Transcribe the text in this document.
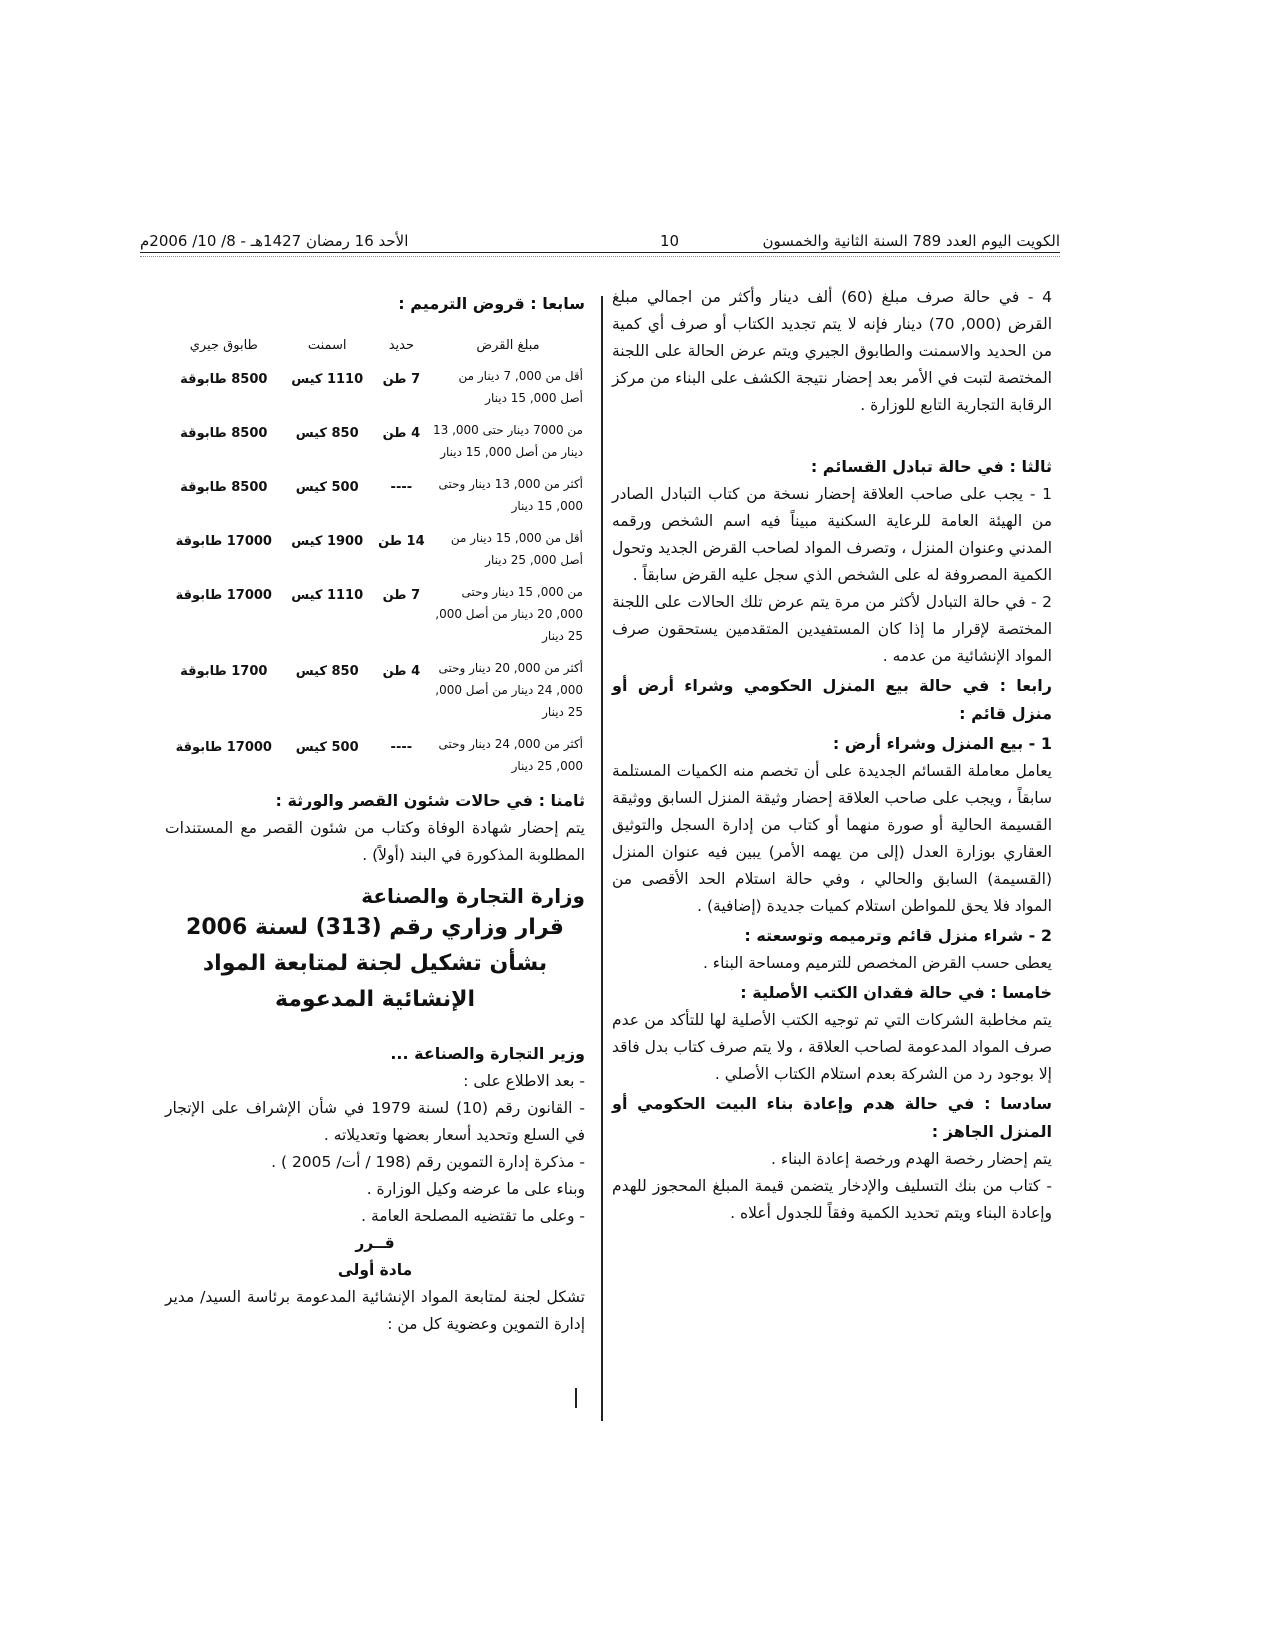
الكويت اليوم العدد 789 السنة الثانية والخمسون
10
الأحد 16 رمضان 1427هـ - 8/ 10/ 2006م

4 - في حالة صرف مبلغ (60) ألف دينار وأكثر من اجمالي مبلغ القرض (000, 70) دينار فإنه لا يتم تجديد الكتاب أو صرف أي كمية من الحديد والاسمنت والطابوق الجيري ويتم عرض الحالة على اللجنة المختصة لتبت في الأمر بعد إحضار نتيجة الكشف على البناء من مركز الرقابة التجارية التابع للوزارة .

ثالثا : في حالة تبادل القسائم :

1 - يجب على صاحب العلاقة إحضار نسخة من كتاب التبادل الصادر من الهيئة العامة للرعاية السكنية مبيناً فيه اسم الشخص ورقمه المدني وعنوان المنزل ، وتصرف المواد لصاحب القرض الجديد وتحول الكمية المصروفة له على الشخص الذي سجل عليه القرض سابقاً .

2 - في حالة التبادل لأكثر من مرة يتم عرض تلك الحالات على اللجنة المختصة لإقرار ما إذا كان المستفيدين المتقدمين يستحقون صرف المواد الإنشائية من عدمه .

رابعا : في حالة بيع المنزل الحكومي وشراء أرض أو منزل قائم :

1 - بيع المنزل وشراء أرض :

يعامل معاملة القسائم الجديدة على أن تخصم منه الكميات المستلمة سابقاً ، ويجب على صاحب العلاقة إحضار وثيقة المنزل السابق ووثيقة القسيمة الحالية أو صورة منهما أو كتاب من إدارة السجل والتوثيق العقاري بوزارة العدل (إلى من يهمه الأمر) يبين فيه عنوان المنزل (القسيمة) السابق والحالي ، وفي حالة استلام الحد الأقصى من المواد فلا يحق للمواطن استلام كميات جديدة (إضافية) .

2 - شراء منزل قائم وترميمه وتوسعته :

يعطى حسب القرض المخصص للترميم ومساحة البناء .

خامسا : في حالة فقدان الكتب الأصلية :

يتم مخاطبة الشركات التي تم توجيه الكتب الأصلية لها للتأكد من عدم صرف المواد المدعومة لصاحب العلاقة ، ولا يتم صرف كتاب بدل فاقد إلا بوجود رد من الشركة بعدم استلام الكتاب الأصلي .

سادسا : في حالة هدم وإعادة بناء البيت الحكومي أو المنزل الجاهز :

يتم إحضار رخصة الهدم ورخصة إعادة البناء .

- كتاب من بنك التسليف والإدخار يتضمن قيمة المبلغ المحجوز للهدم وإعادة البناء ويتم تحديد الكمية وفقاً للجدول أعلاه .

سابعا : قروض الترميم :

مبلغ القرض	حديد	اسمنت	طابوق جيري
أقل من 000, 7 دينار من أصل 000, 15 دينار	7 طن	1110 كيس	8500 طابوقة
من 7000 دينار حتى 000, 13 دينار من أصل 000, 15 دينار	4 طن	850 كيس	8500 طابوقة
أكثر من 000, 13 دينار وحتى 000, 15 دينار	----	500 كيس	8500 طابوقة
أقل من 000, 15 دينار من أصل 000, 25 دينار	14 طن	1900 كيس	17000 طابوقة
من 000, 15 دينار وحتى 000, 20 دينار من أصل 000, 25 دينار	7 طن	1110 كيس	17000 طابوقة
أكثر من 000, 20 دينار وحتى 000, 24 دينار من أصل 000, 25 دينار	4 طن	850 كيس	1700 طابوقة
أكثر من 000, 24 دينار وحتى 000, 25 دينار	----	500 كيس	17000 طابوقة

ثامنا : في حالات شئون القصر والورثة :

يتم إحضار شهادة الوفاة وكتاب من شئون القصر مع المستندات المطلوبة المذكورة في البند (أولاً) .

وزارة التجارة والصناعة

قرار وزاري رقم (313) لسنة 2006

بشأن تشكيل لجنة لمتابعة المواد الإنشائية المدعومة

وزير التجارة والصناعة ...

- بعد الاطلاع على :

- القانون رقم (10) لسنة 1979 في شأن الإشراف على الإتجار في السلع وتحديد أسعار بعضها وتعديلاته .

- مذكرة إدارة التموين رقم (198 / أت/ 2005 ) .

وبناء على ما عرضه وكيل الوزارة .

- وعلى ما تقتضيه المصلحة العامة .

قــرر

مادة أولى

تشكل لجنة لمتابعة المواد الإنشائية المدعومة برئاسة السيد/ مدير إدارة التموين وعضوية كل من :
